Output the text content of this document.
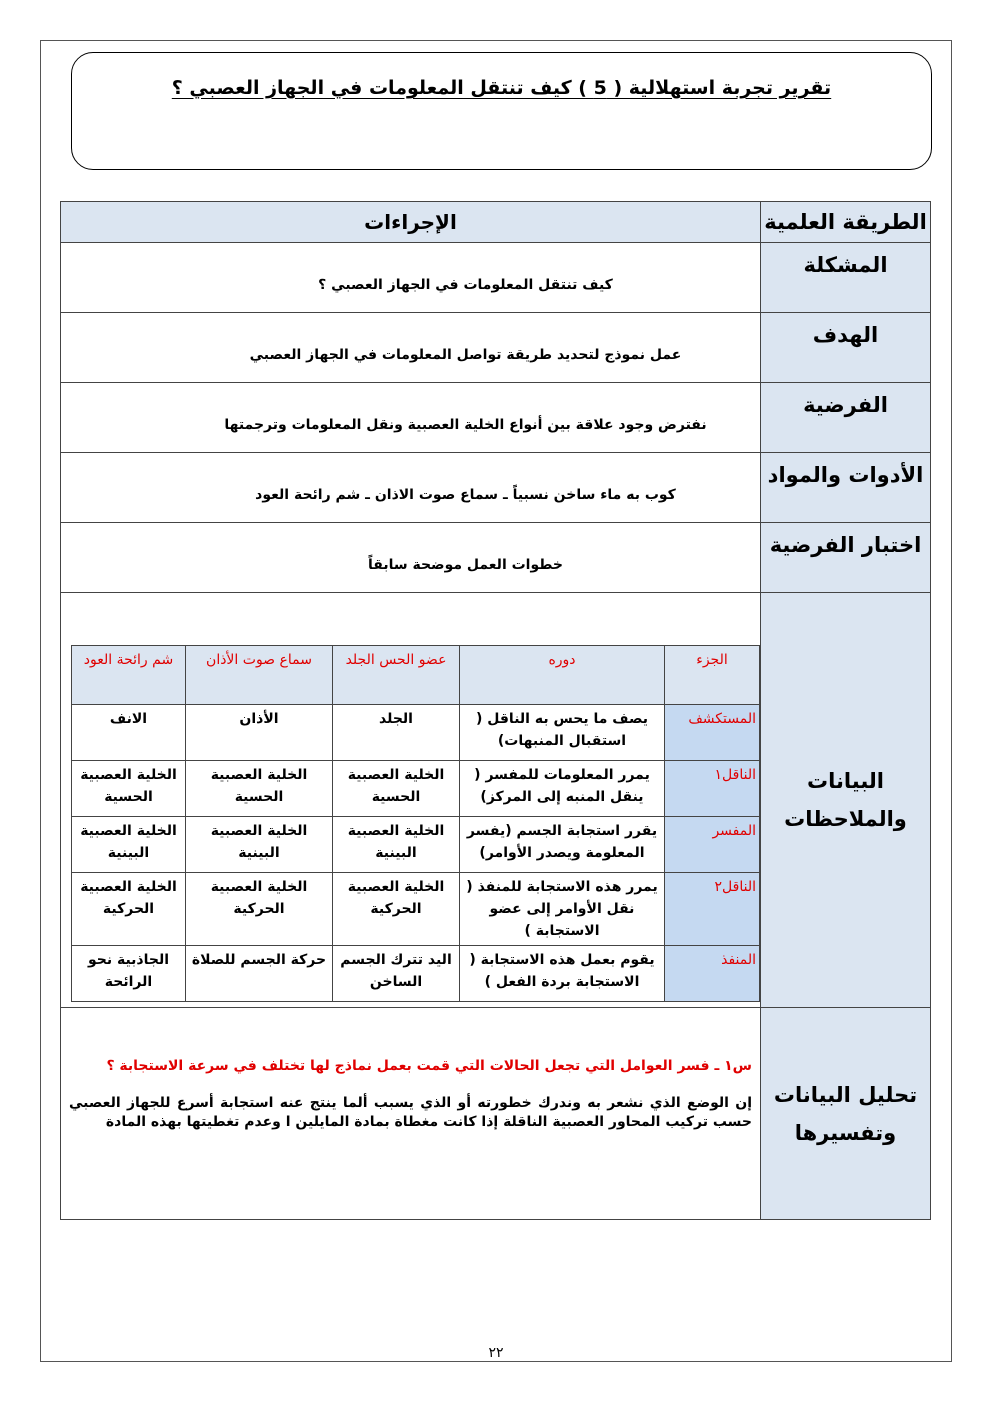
تقرير تجربة استهلالية ( 5 ) كيف تنتقل المعلومات في الجهاز العصبي ؟
الطريقة العلمية	الإجراءات

المشكلة

كيف تنتقل المعلومات في الجهاز العصبي ؟

الهدف

عمل نموذج لتحديد طريقة تواصل المعلومات في الجهاز العصبي

الفرضية

نفترض وجود علاقة بين أنواع الخلية العصبية ونقل المعلومات وترجمتها

الأدوات والمواد

كوب به ماء ساخن نسبياً ـ سماع صوت الاذان ـ شم رائحة العود

اختبار الفرضية

خطوات العمل موضحة سابقاً

البيانات
والملاحظات

الجزء	دوره	عضو الحس الجلد	سماع صوت الأذان	شم رائحة العود
المستكشف	يصف ما يحس به الناقل ( استقبال المنبهات)	الجلد	الأذان	الانف
الناقل١	يمرر المعلومات للمفسر ( ينقل المنبه إلى المركز)	الخلية العصبية الحسية	الخلية العصبية الحسية	الخلية العصبية الحسية
المفسر	يقرر استجابة الجسم (يفسر المعلومة ويصدر الأوامر)	الخلية العصبية البينية	الخلية العصبية البينية	الخلية العصبية البينية
الناقل٢	يمرر هذه الاستجابة للمنفذ ( نقل الأوامر إلى عضو الاستجابة )	الخلية العصبية الحركية	الخلية العصبية الحركية	الخلية العصبية الحركية
المنفذ	يقوم بعمل هذه الاستجابة ( الاستجابة بردة الفعل )	اليد تترك الجسم الساخن	حركة الجسم للصلاة	الجاذبية نحو الرائحة

تحليل البيانات
وتفسيرها

س١ ـ فسر العوامل التي تجعل الحالات التي قمت بعمل نماذج لها تختلف في سرعة الاستجابة ؟
إن الوضع الذي نشعر به وندرك خطورته أو الذي يسبب ألما ينتج عنه استجابة أسرع للجهاز العصبي حسب تركيب المحاور العصبية الناقلة إذا كانت مغطاة بمادة المايلين ا وعدم تغطيتها بهذه المادة
٢٢
